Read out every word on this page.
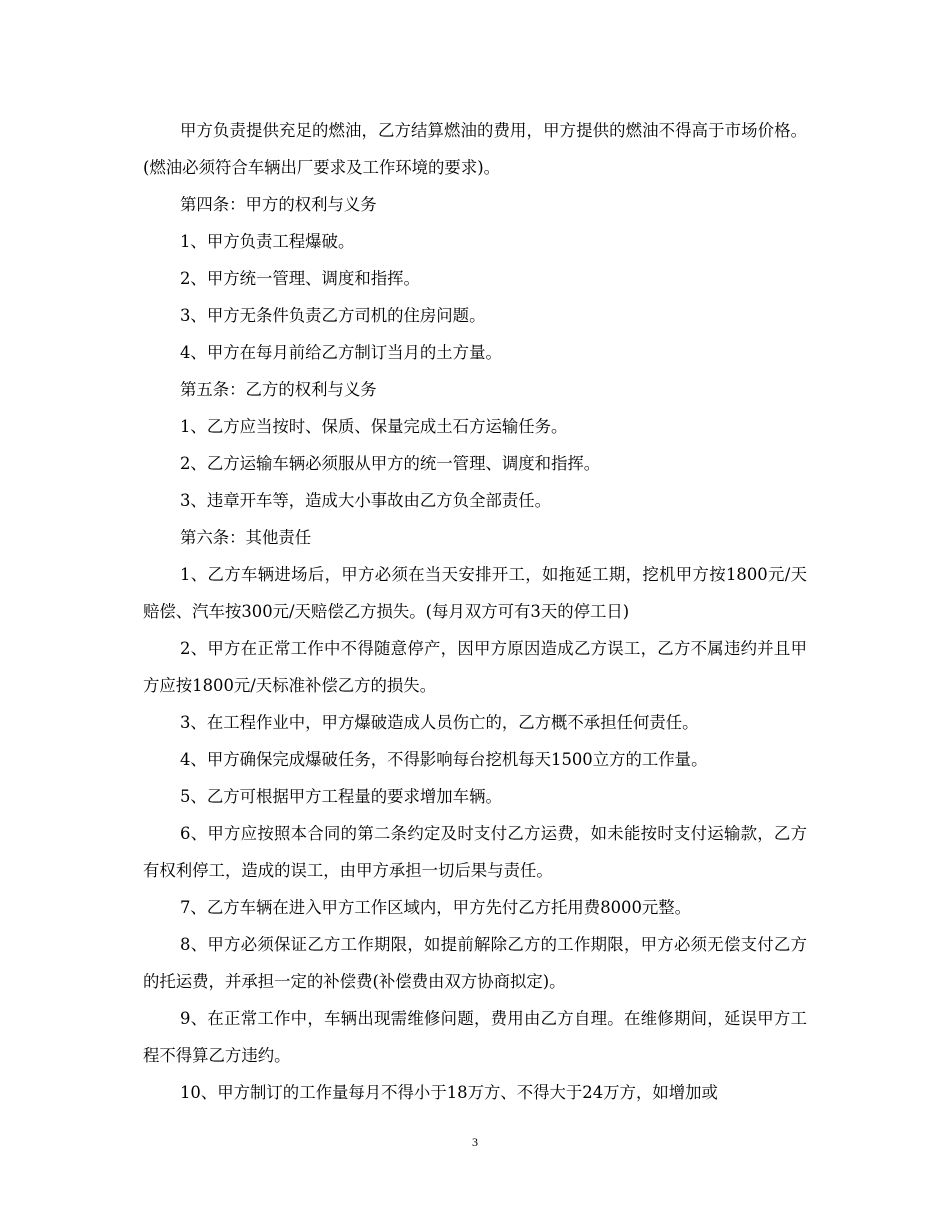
甲方负责提供充足的燃油，乙方结算燃油的费用，甲方提供的燃油不得高于市场价格。(燃油必须符合车辆出厂要求及工作环境的要求)。

第四条：甲方的权利与义务

1、甲方负责工程爆破。

2、甲方统一管理、调度和指挥。

3、甲方无条件负责乙方司机的住房问题。

4、甲方在每月前给乙方制订当月的土方量。

第五条：乙方的权利与义务

1、乙方应当按时、保质、保量完成土石方运输任务。

2、乙方运输车辆必须服从甲方的统一管理、调度和指挥。

3、违章开车等，造成大小事故由乙方负全部责任。

第六条：其他责任

1、乙方车辆进场后，甲方必须在当天安排开工，如拖延工期，挖机甲方按1800元/天赔偿、汽车按300元/天赔偿乙方损失。(每月双方可有3天的停工日)

2、甲方在正常工作中不得随意停产，因甲方原因造成乙方误工，乙方不属违约并且甲方应按1800元/天标准补偿乙方的损失。

3、在工程作业中，甲方爆破造成人员伤亡的，乙方概不承担任何责任。

4、甲方确保完成爆破任务，不得影响每台挖机每天1500立方的工作量。

5、乙方可根据甲方工程量的要求增加车辆。

6、甲方应按照本合同的第二条约定及时支付乙方运费，如未能按时支付运输款，乙方有权利停工，造成的误工，由甲方承担一切后果与责任。

7、乙方车辆在进入甲方工作区域内，甲方先付乙方托用费8000元整。

8、甲方必须保证乙方工作期限，如提前解除乙方的工作期限，甲方必须无偿支付乙方的托运费，并承担一定的补偿费(补偿费由双方协商拟定)。

9、在正常工作中，车辆出现需维修问题，费用由乙方自理。在维修期间，延误甲方工程不得算乙方违约。

10、甲方制订的工作量每月不得小于18万方、不得大于24万方，如增加或

3
